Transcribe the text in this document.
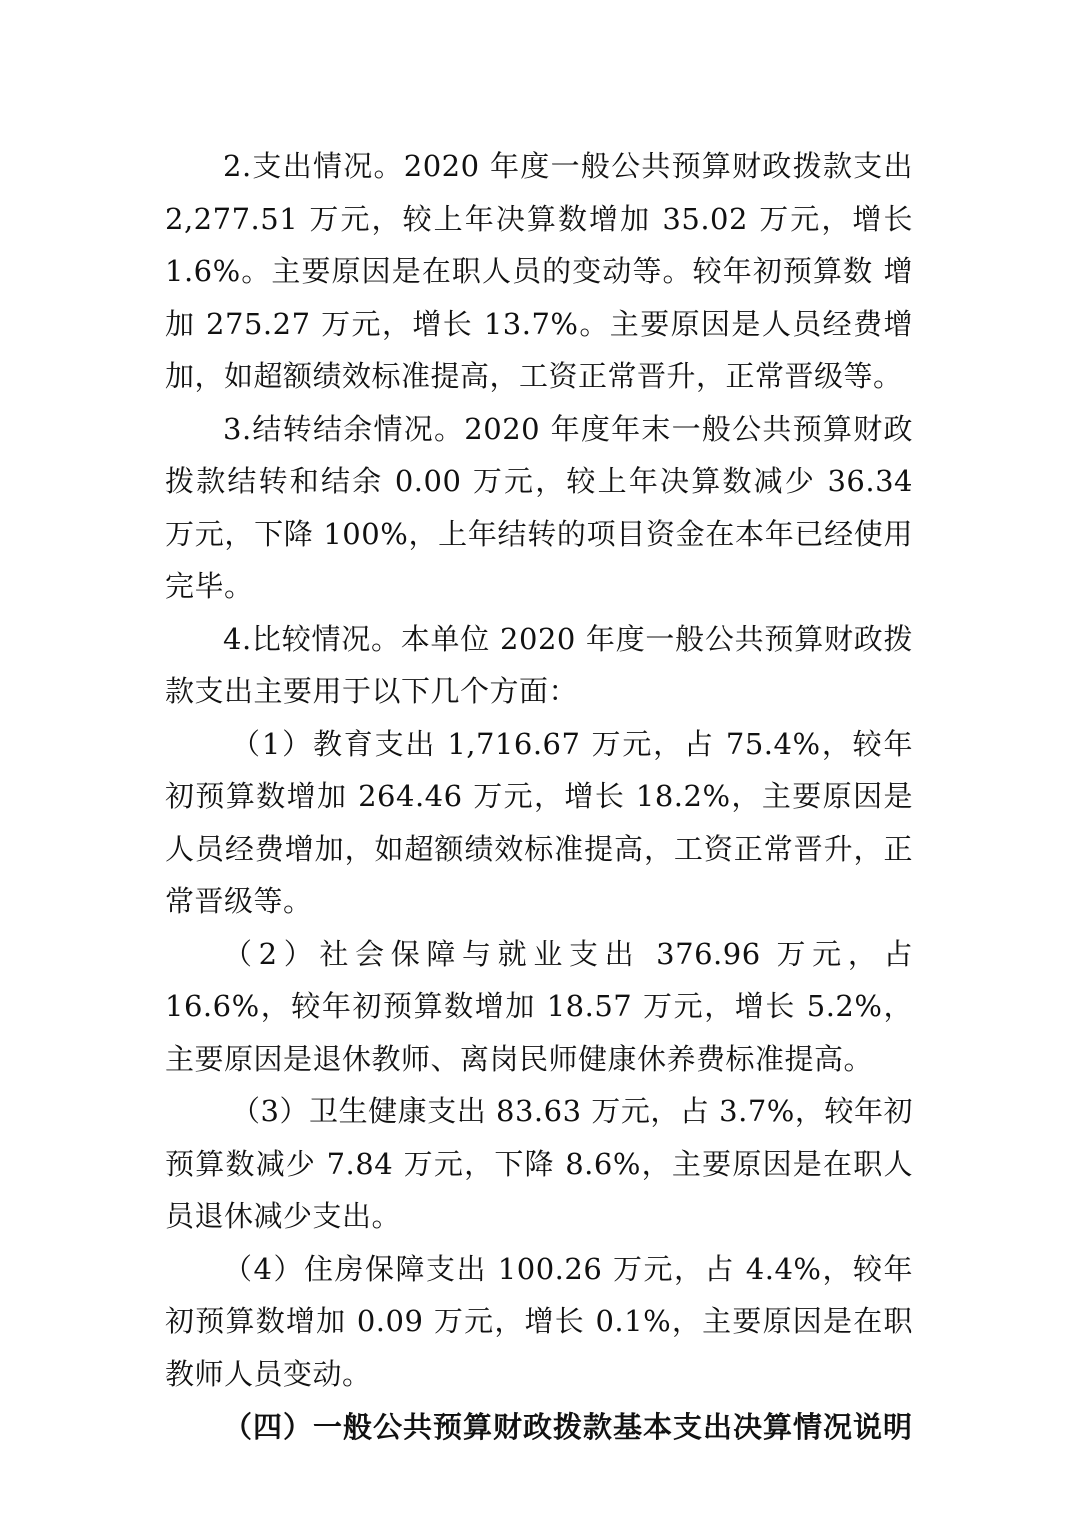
2.支出情况。2020 年度一般公共预算财政拨款支出 2,277.51 万元，较上年决算数增加 35.02 万元，增长 1.6%。主要原因是在职人员的变动等。较年初预算数 增加 275.27 万元，增长 13.7%。主要原因是人员经费增加，如超额绩效标准提高，工资正常晋升，正常晋级等。

3.结转结余情况。2020 年度年末一般公共预算财政拨款结转和结余 0.00 万元，较上年决算数减少 36.34 万元，下降 100%，上年结转的项目资金在本年已经使用完毕。

4.比较情况。本单位 2020 年度一般公共预算财政拨款支出主要用于以下几个方面：

（1）教育支出 1,716.67 万元，占 75.4%，较年初预算数增加 264.46 万元，增长 18.2%，主要原因是人员经费增加，如超额绩效标准提高，工资正常晋升，正常晋级等。

（2）社会保障与就业支出 376.96 万元，占 16.6%，较年初预算数增加 18.57 万元，增长 5.2%，主要原因是退休教师、离岗民师健康休养费标准提高。

（3）卫生健康支出 83.63 万元，占 3.7%，较年初预算数减少 7.84 万元，下降 8.6%，主要原因是在职人员退休减少支出。

（4）住房保障支出 100.26 万元，占 4.4%，较年初预算数增加 0.09 万元，增长 0.1%，主要原因是在职教师人员变动。

（四）一般公共预算财政拨款基本支出决算情况说明
